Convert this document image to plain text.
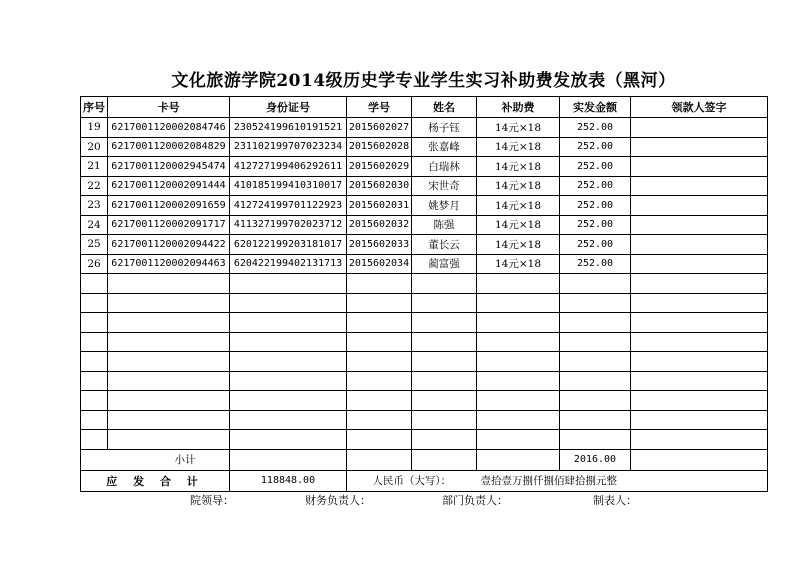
文化旅游学院2014级历史学专业学生实习补助费发放表（黑河）
序号	卡号	身份证号	学号	姓名	补助费	实发金额	领款人签字
19	6217001120002084746	230524199610191521	2015602027	杨子钰	14元×18	252.00	
20	6217001120002084829	231102199707023234	2015602028	张嘉峰	14元×18	252.00	
21	6217001120002945474	412727199406292611	2015602029	白瑞林	14元×18	252.00	
22	6217001120002091444	410185199410310017	2015602030	宋世奇	14元×18	252.00	
23	6217001120002091659	412724199701122923	2015602031	姚梦月	14元×18	252.00	
24	6217001120002091717	411327199702023712	2015602032	陈强	14元×18	252.00	
25	6217001120002094422	620122199203181017	2015602033	董长云	14元×18	252.00	
26	6217001120002094463	620422199402131713	2015602034	蔺富强	14元×18	252.00	

小计						2016.00	
应 发 合 计		118848.00	人民币（大写）：		壹拾壹万捌仟捌佰肆拾捌元整		
院领导：	财务负责人：	部门负责人：	制表人：
